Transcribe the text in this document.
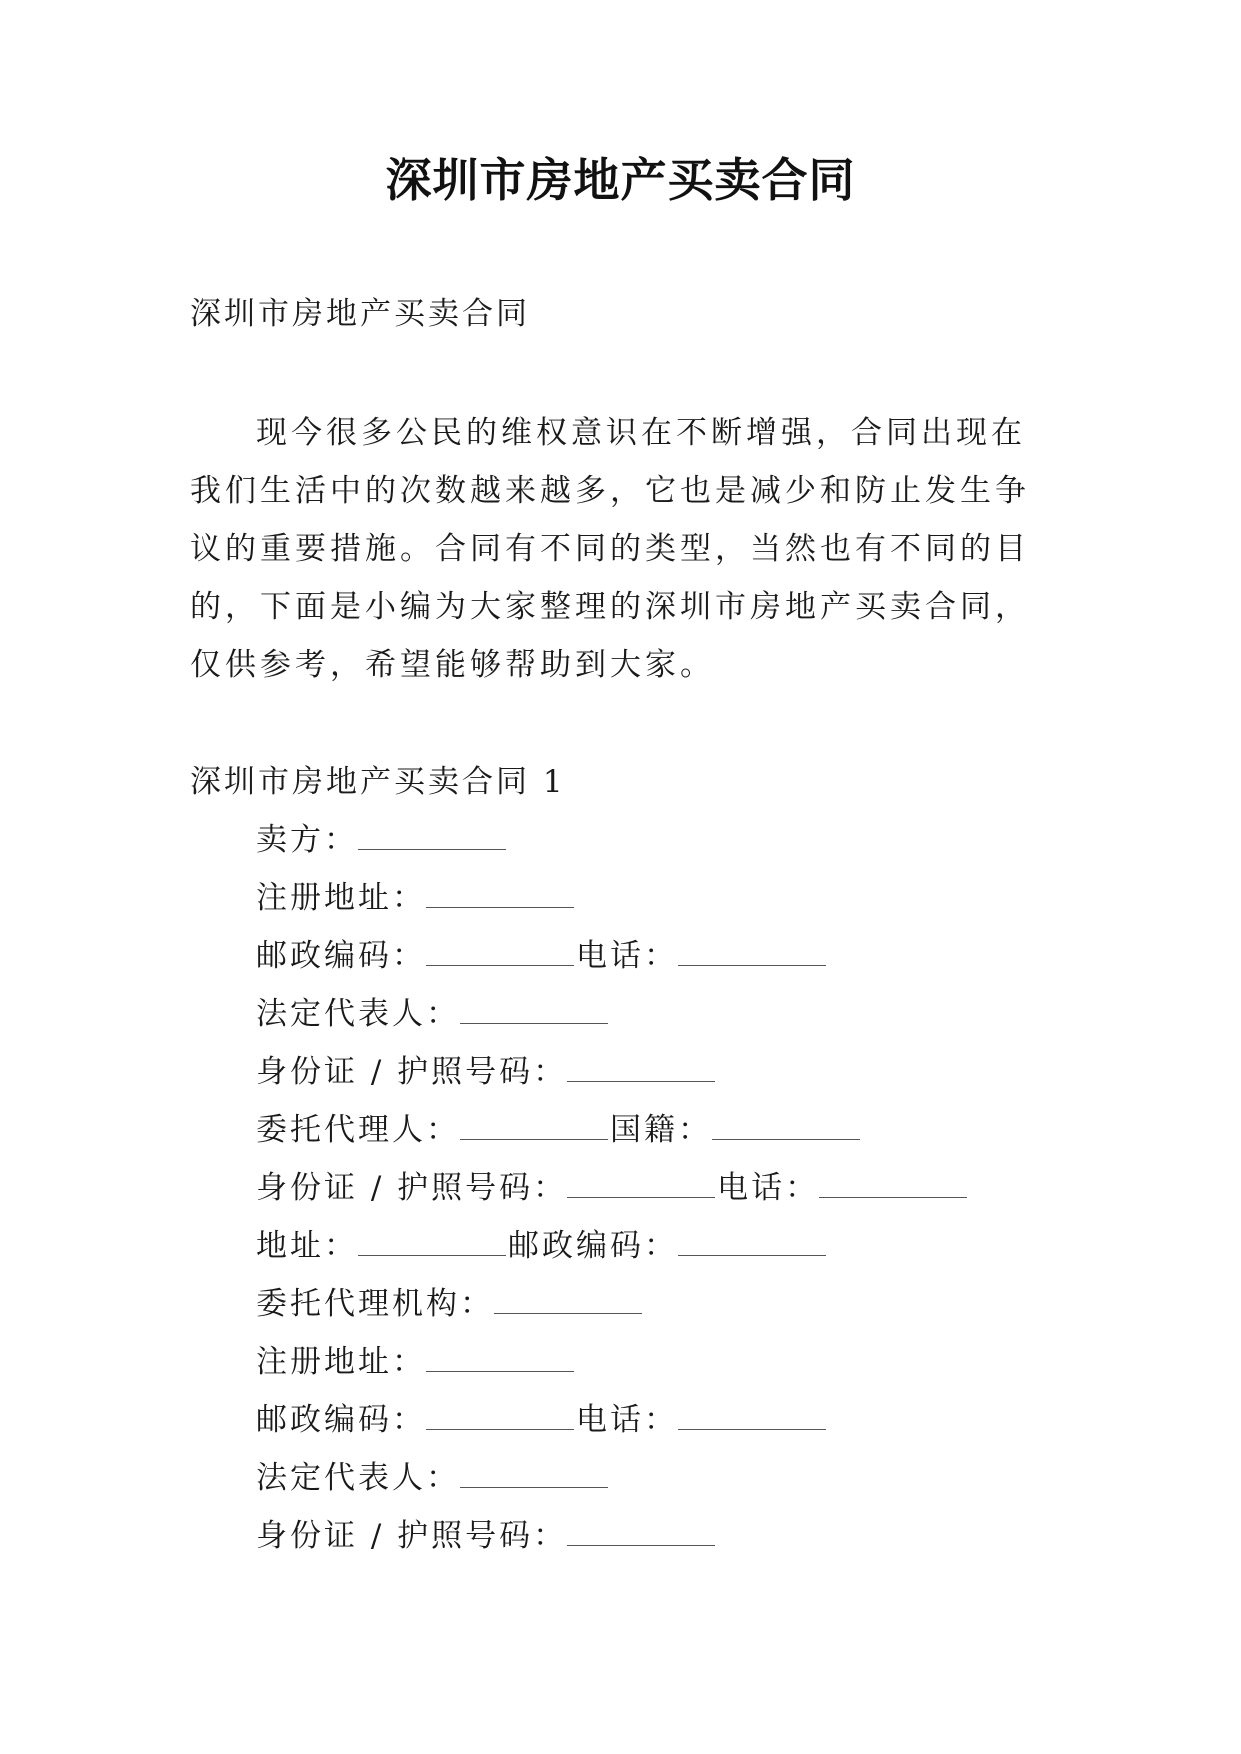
深圳市房地产买卖合同
深圳市房地产买卖合同

现今很多公民的维权意识在不断增强，合同出现在我们生活中的次数越来越多，它也是减少和防止发生争议的重要措施。合同有不同的类型，当然也有不同的目的，下面是小编为大家整理的深圳市房地产买卖合同，仅供参考，希望能够帮助到大家。

深圳市房地产买卖合同 1
卖方：
注册地址：
邮政编码：	电话：
法定代表人：
身份证 / 护照号码：
委托代理人：	国籍：
身份证 / 护照号码：	电话：
地址：	邮政编码：
委托代理机构：
注册地址：
邮政编码：	电话：
法定代表人：
身份证 / 护照号码：
